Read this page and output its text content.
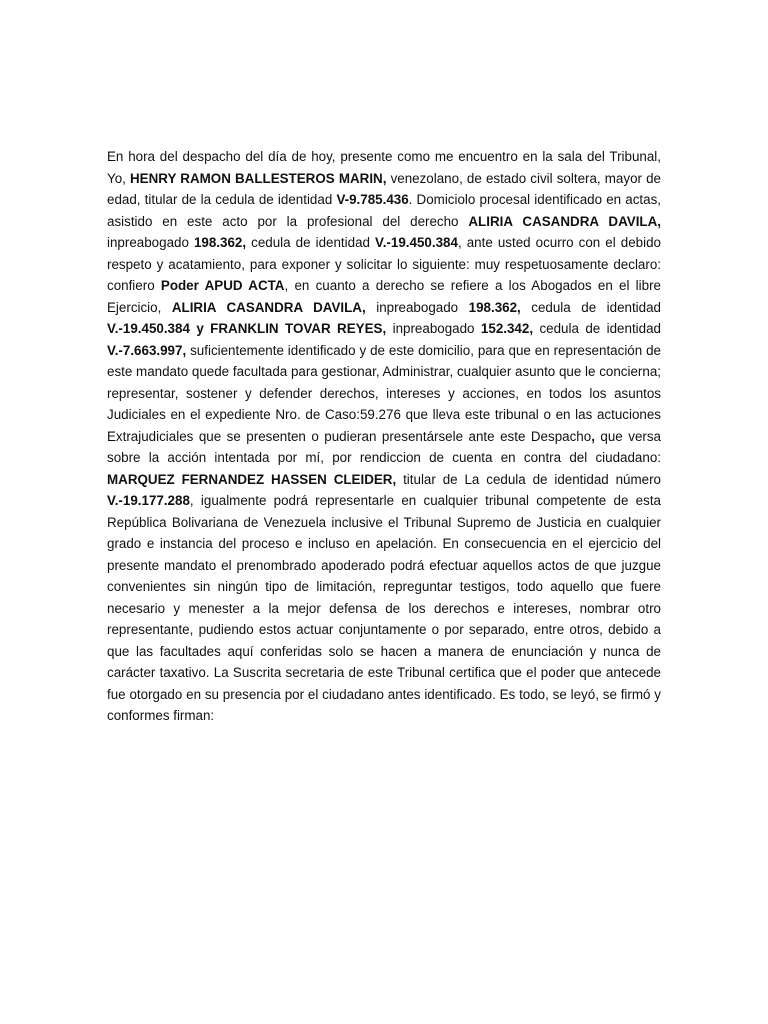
En hora del despacho del día de hoy, presente como me encuentro en la sala del Tribunal, Yo, HENRY RAMON BALLESTEROS MARIN, venezolano, de estado civil soltera, mayor de edad, titular de la cedula de identidad V-9.785.436. Domiciolo procesal identificado en actas, asistido en este acto por la profesional del derecho ALIRIA CASANDRA DAVILA, inpreabogado 198.362, cedula de identidad V.-19.450.384, ante usted ocurro con el debido respeto y acatamiento, para exponer y solicitar lo siguiente: muy respetuosamente declaro: confiero Poder APUD ACTA, en cuanto a derecho se refiere a los Abogados en el libre Ejercicio, ALIRIA CASANDRA DAVILA, inpreabogado 198.362, cedula de identidad V.-19.450.384 y FRANKLIN TOVAR REYES, inpreabogado 152.342, cedula de identidad V.-7.663.997, suficientemente identificado y de este domicilio, para que en representación de este mandato quede facultada para gestionar, Administrar, cualquier asunto que le concierna; representar, sostener y defender derechos, intereses y acciones, en todos los asuntos Judiciales en el expediente Nro. de Caso:59.276 que lleva este tribunal o en las actuciones Extrajudiciales que se presenten o pudieran presentársele ante este Despacho, que versa sobre la acción intentada por mí, por rendiccion de cuenta en contra del ciudadano: MARQUEZ FERNANDEZ HASSEN CLEIDER, titular de La cedula de identidad número V.-19.177.288, igualmente podrá representarle en cualquier tribunal competente de esta República Bolivariana de Venezuela inclusive el Tribunal Supremo de Justicia en cualquier grado e instancia del proceso e incluso en apelación. En consecuencia en el ejercicio del presente mandato el prenombrado apoderado podrá efectuar aquellos actos de que juzgue convenientes sin ningún tipo de limitación, repreguntar testigos, todo aquello que fuere necesario y menester a la mejor defensa de los derechos e intereses, nombrar otro representante, pudiendo estos actuar conjuntamente o por separado, entre otros, debido a que las facultades aquí conferidas solo se hacen a manera de enunciación y nunca de carácter taxativo. La Suscrita secretaria de este Tribunal certifica que el poder que antecede fue otorgado en su presencia por el ciudadano antes identificado. Es todo, se leyó, se firmó y conformes firman:
